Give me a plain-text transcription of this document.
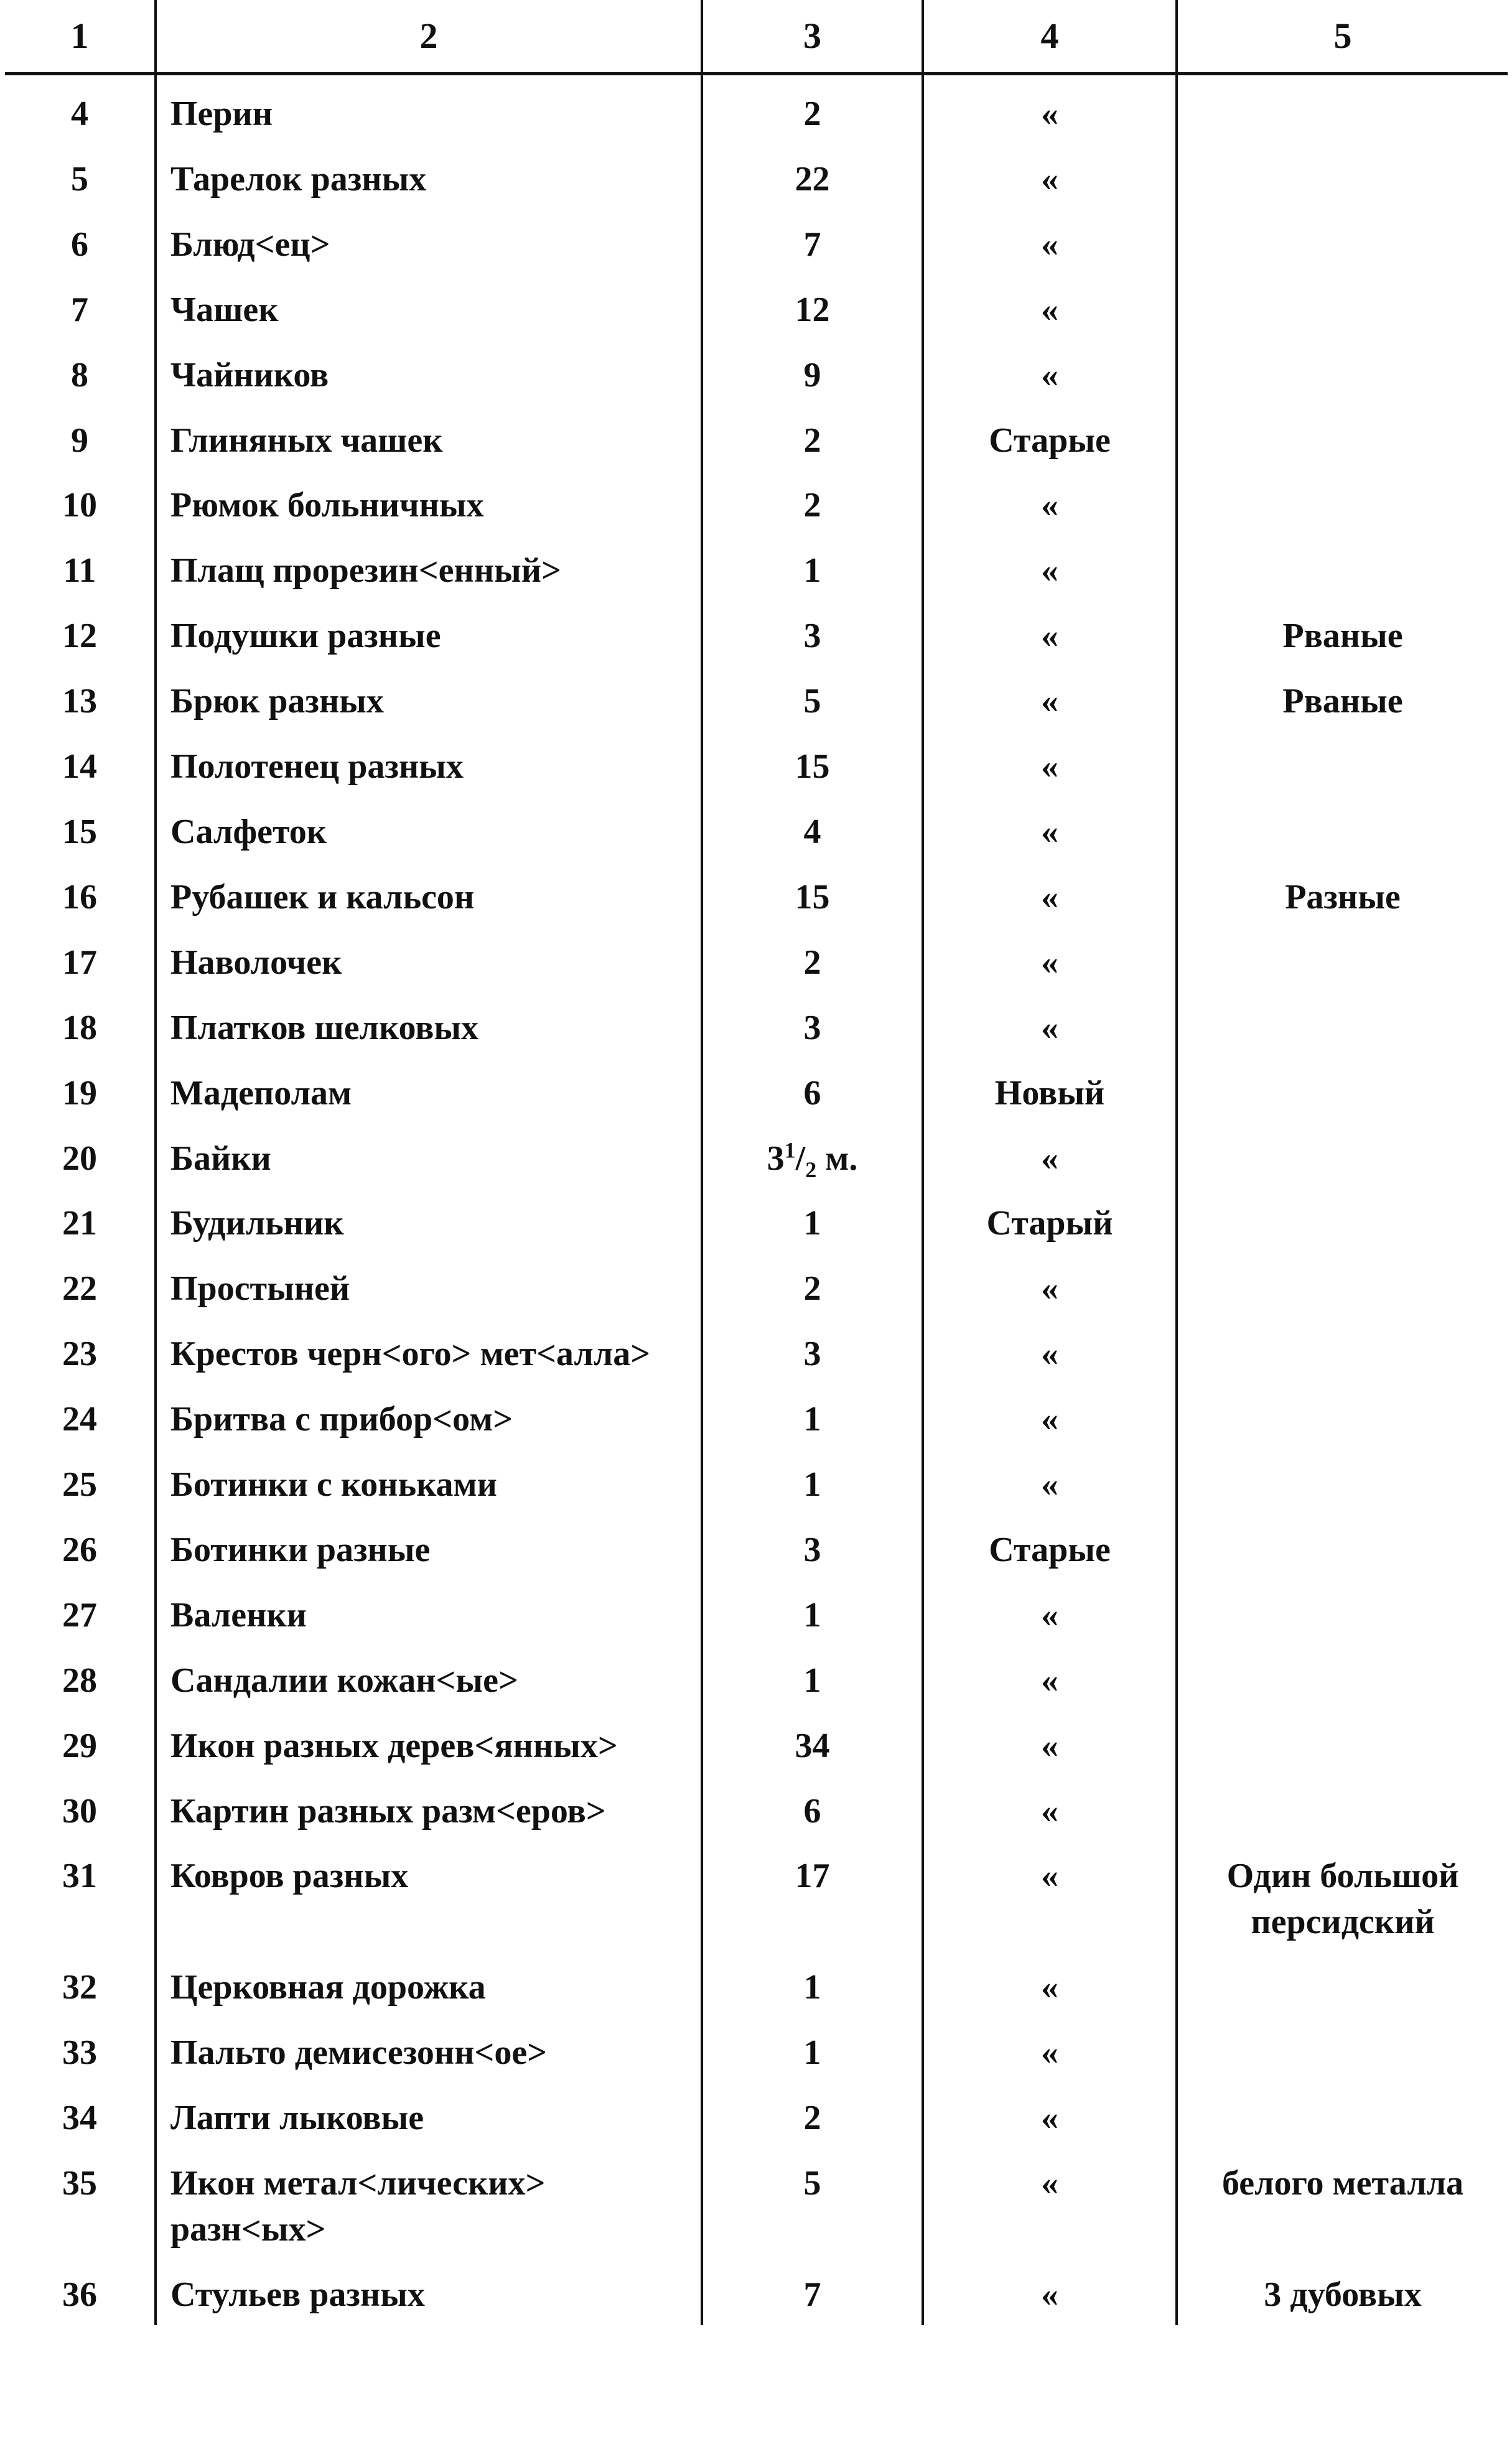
1	2	3	4	5
4	Перин	2	«	
5	Тарелок разных	22	«	
6	Блюд<ец>	7	«	
7	Чашек	12	«	
8	Чайников	9	«	
9	Глиняных чашек	2	Старые	
10	Рюмок больничных	2	«	
11	Плащ прорезин<енный>	1	«	
12	Подушки разные	3	«	Рваные
13	Брюк разных	5	«	Рваные
14	Полотенец разных	15	«	
15	Салфеток	4	«	
16	Рубашек и кальсон	15	«	Разные
17	Наволочек	2	«	
18	Платков шелковых	3	«	
19	Мадеполам	6	Новый	
20	Байки	$3^1/_2$ м.	«	
21	Будильник	1	Старый	
22	Простыней	2	«	
23	Крестов черн<ого> мет<алла>	3	«	
24	Бритва с прибор<ом>	1	«	
25	Ботинки с коньками	1	«	
26	Ботинки разные	3	Старые	
27	Валенки	1	«	
28	Сандалии кожан<ые>	1	«	
29	Икон разных дерев<янных>	34	«	
30	Картин разных разм<еров>	6	«	
31	Ковров разных	17	«	Один большой персидский
32	Церковная дорожка	1	«	
33	Пальто демисезонн<ое>	1	«	
34	Лапти лыковые	2	«	
35	Икон метал<лических> разн<ых>	5	«	белого металла
36	Стульев разных	7	«	3 дубовых
